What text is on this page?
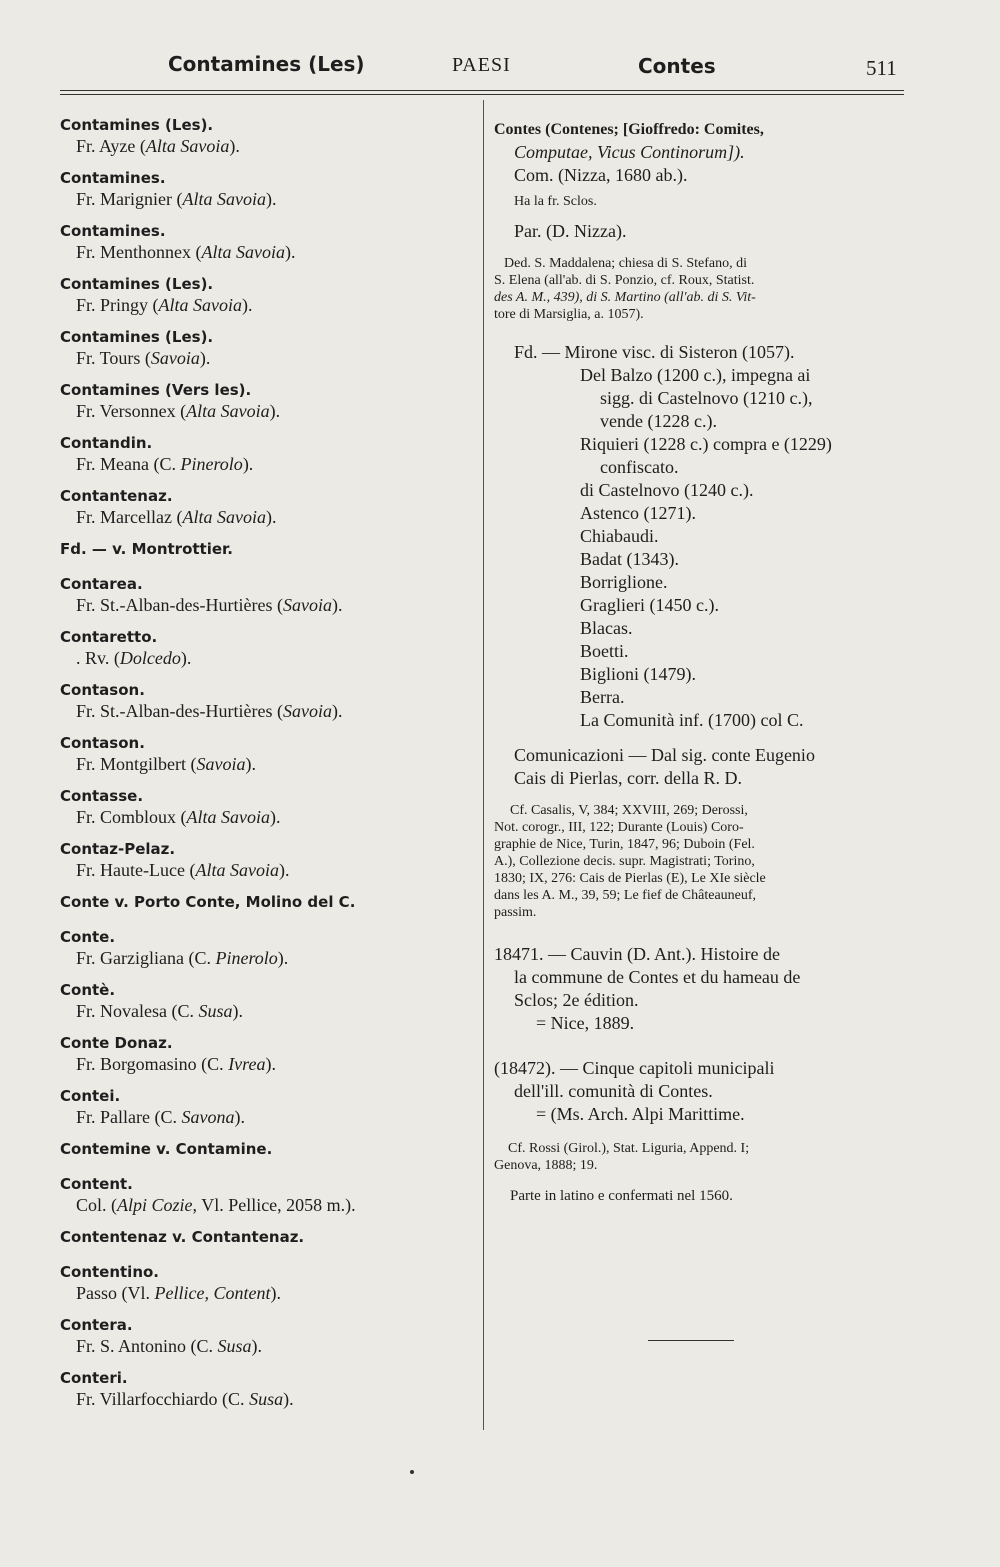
Contamines (Les)	PAESI	Contes	511
Contamines (Les).
Fr. Ayze (Alta Savoia).
Contamines.
Fr. Marignier (Alta Savoia).
Contamines.
Fr. Menthonnex (Alta Savoia).
Contamines (Les).
Fr. Pringy (Alta Savoia).
Contamines (Les).
Fr. Tours (Savoia).
Contamines (Vers les).
Fr. Versonnex (Alta Savoia).
Contandin.
Fr. Meana (C. Pinerolo).
Contantenaz.
Fr. Marcellaz (Alta Savoia).
Fd. — v. Montrottier.
Contarea.
Fr. St.-Alban-des-Hurtières (Savoia).
Contaretto.
. Rv. (Dolcedo).
Contason.
Fr. St.-Alban-des-Hurtières (Savoia).
Contason.
Fr. Montgilbert (Savoia).
Contasse.
Fr. Combloux (Alta Savoia).
Contaz-Pelaz.
Fr. Haute-Luce (Alta Savoia).
Conte v. Porto Conte, Molino del C.
Conte.
Fr. Garzigliana (C. Pinerolo).
Contè.
Fr. Novalesa (C. Susa).
Conte Donaz.
Fr. Borgomasino (C. Ivrea).
Contei.
Fr. Pallare (C. Savona).
Contemine v. Contamine.
Content.
Col. (Alpi Cozie, Vl. Pellice, 2058 m.).
Contentenaz v. Contantenaz.
Contentino.
Passo (Vl. Pellice, Content).
Contera.
Fr. S. Antonino (C. Susa).
Conteri.
Fr. Villarfocchiardo (C. Susa).
Contes (Contenes; [Gioffredo: Comites,
Computae, Vicus Continorum]).
Com. (Nizza, 1680 ab.).
Ha la fr. Sclos.
Par. (D. Nizza).
Ded. S. Maddalena; chiesa di S. Stefano, di
S. Elena (all'ab. di S. Ponzio, cf. Roux, Statist.
des A. M., 439), di S. Martino (all'ab. di S. Vit-
tore di Marsiglia, a. 1057).
Fd. — Mirone visc. di Sisteron (1057).
Del Balzo (1200 c.), impegna ai
sigg. di Castelnovo (1210 c.),
vende (1228 c.).
Riquieri (1228 c.) compra e (1229)
confiscato.
di Castelnovo (1240 c.).
Astenco (1271).
Chiabaudi.
Badat (1343).
Borriglione.
Graglieri (1450 c.).
Blacas.
Boetti.
Biglioni (1479).
Berra.
La Comunità inf. (1700) col C.
Comunicazioni — Dal sig. conte Eugenio
Cais di Pierlas, corr. della R. D.
Cf. Casalis, V, 384; XXVIII, 269; Derossi,
Not. corogr., III, 122; Durante (Louis) Coro-
graphie de Nice, Turin, 1847, 96; Duboin (Fel.
A.), Collezione decis. supr. Magistrati; Torino,
1830; IX, 276: Cais de Pierlas (E), Le XIe siècle
dans les A. M., 39, 59; Le fief de Châteauneuf,
passim.
18471. — Cauvin (D. Ant.). Histoire de
la commune de Contes et du hameau de
Sclos; 2e édition.
= Nice, 1889.
(18472). — Cinque capitoli municipali
dell'ill. comunità di Contes.
= (Ms. Arch. Alpi Marittime.
Cf. Rossi (Girol.), Stat. Liguria, Append. I;
Genova, 1888; 19.
Parte in latino e confermati nel 1560.
